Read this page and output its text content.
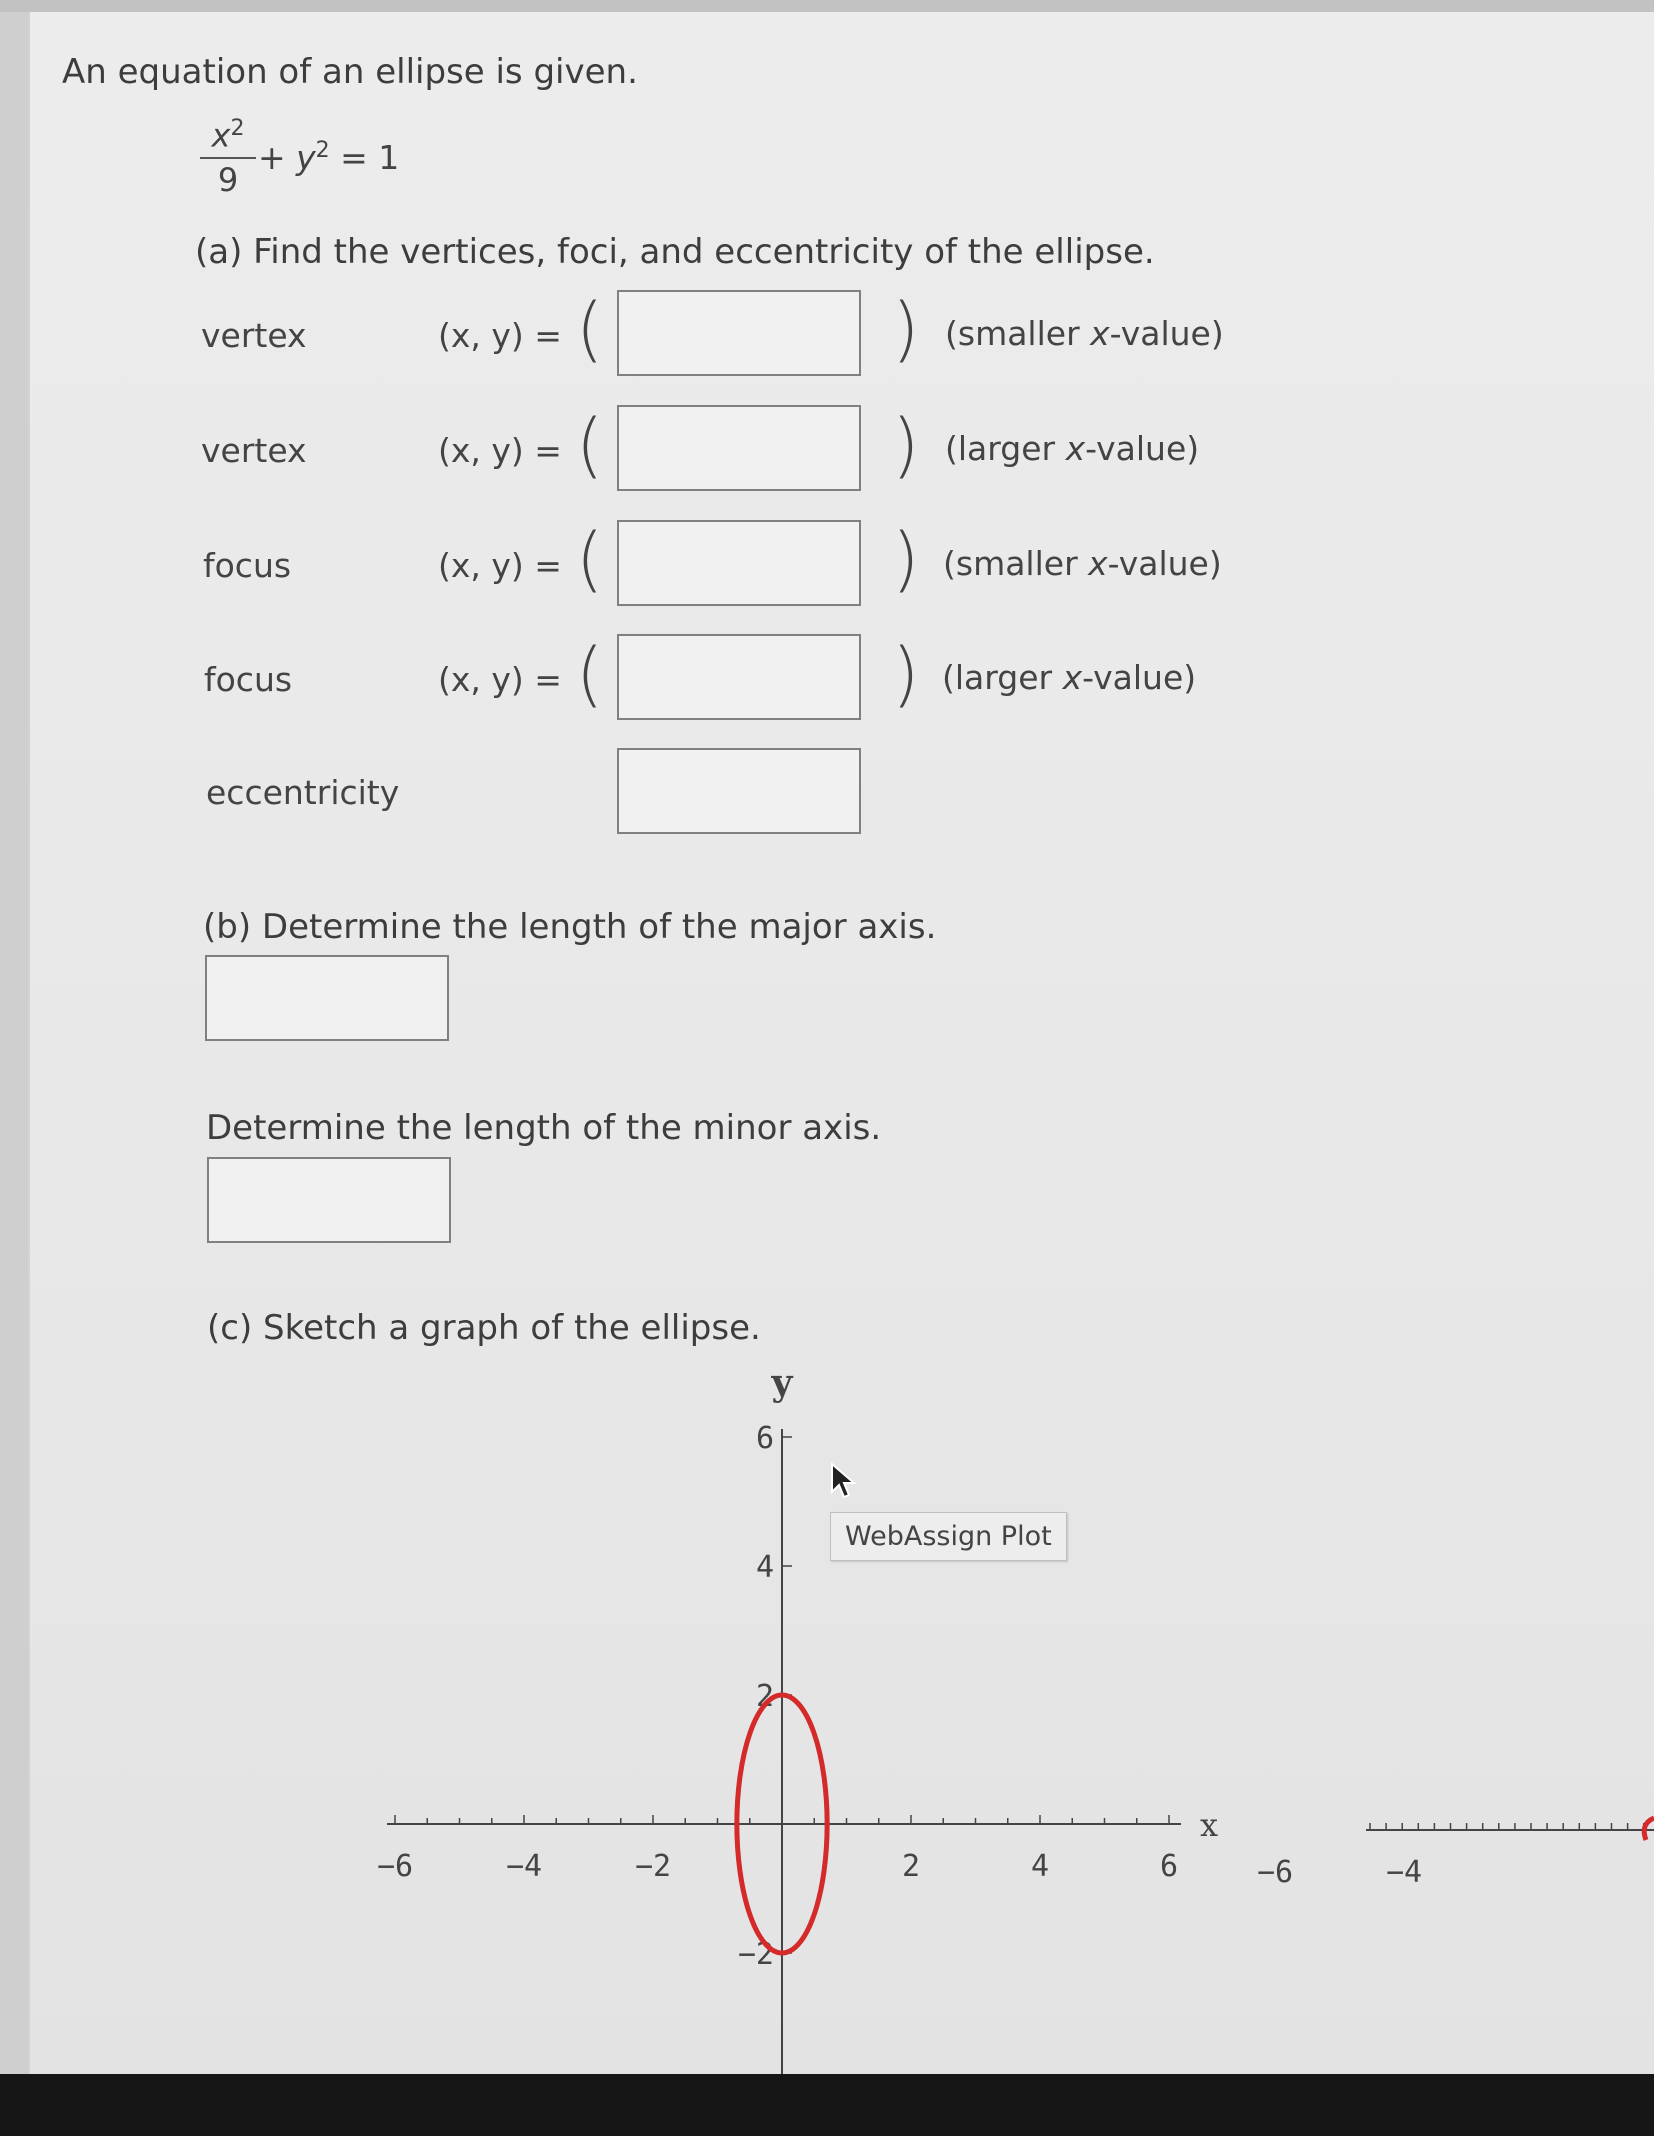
An equation of an ellipse is given.
$\frac{x^2}{9} + y^2 = 1$
(a) Find the vertices, foci, and eccentricity of the ellipse.
vertex	(x, y) = (	) (smaller x-value)
vertex	(x, y) = (	) (larger x-value)
focus	(x, y) = (	) (smaller x-value)
focus	(x, y) = (	) (larger x-value)
eccentricity
(b) Determine the length of the major axis.
Determine the length of the minor axis.
(c) Sketch a graph of the ellipse.
−6	−4	−2	2	4	6
6
4
2
−2
x
y
−6	−4
WebAssign Plot
